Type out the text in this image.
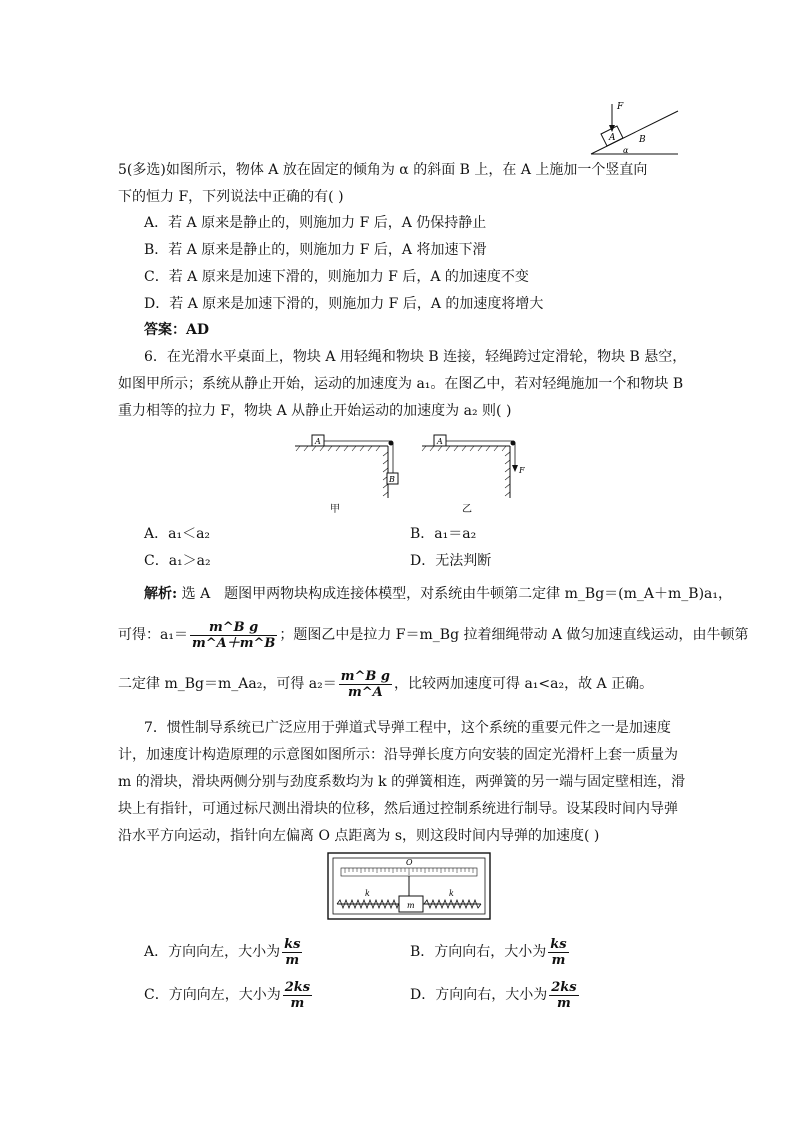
F
A	B
α
5(多选)如图所示，物体 A 放在固定的倾角为 α 的斜面 B 上，在 A 上施加一个竖直向
下的恒力 F，下列说法中正确的有( )
A．若 A 原来是静止的，则施加力 F 后，A 仍保持静止
B．若 A 原来是静止的，则施加力 F 后，A 将加速下滑
C．若 A 原来是加速下滑的，则施加力 F 后，A 的加速度不变
D．若 A 原来是加速下滑的，则施加力 F 后，A 的加速度将增大
答案：AD
6．在光滑水平桌面上，物块 A 用轻绳和物块 B 连接，轻绳跨过定滑轮，物块 B 悬空，
如图甲所示；系统从静止开始，运动的加速度为 a₁。在图乙中，若对轻绳施加一个和物块 B
重力相等的拉力 F，物块 A 从静止开始运动的加速度为 a₂ 则( )
A
B
A
F
甲	乙
A．a₁＜a₂	B．a₁＝a₂
C．a₁＞a₂	D．无法判断
解析: 选 A　题图甲两物块构成连接体模型，对系统由牛顿第二定律 m_Bg＝(m_A＋m_B)a₁，
可得：$a_1= \frac{\text{m\textasciicircum{}B g}}{m\^{}A+m\^{}B}$ ；题图乙中是拉力 F＝m_Bg 拉着细绳带动 A 做匀加速直线运动，由牛顿第
二定律 m_Bg＝m_Aa₂，可得 $a_2= \frac{\text{m\textasciicircum{}B g}}{m\^{}A}$ ，比较两加速度可得 a₁<a₂，故 A 正确。
7．惯性制导系统已广泛应用于弹道式导弹工程中，这个系统的重要元件之一是加速度
计，加速度计构造原理的示意图如图所示：沿导弹长度方向安装的固定光滑杆上套一质量为
m 的滑块，滑块两侧分别与劲度系数均为 k 的弹簧相连，两弹簧的另一端与固定壁相连，滑
块上有指针，可通过标尺测出滑块的位移，然后通过控制系统进行制导。设某段时间内导弹
沿水平方向运动，指针向左偏离 O 点距离为 s，则这段时间内导弹的加速度( )
O
k	k
m
A．方向向左，大小为 $\frac{ks}{m}$	B．方向向右，大小为 $\frac{ks}{m}$
C．方向向左，大小为 $\frac{2ks}{m}$	D．方向向右，大小为 $\frac{2ks}{m}$
